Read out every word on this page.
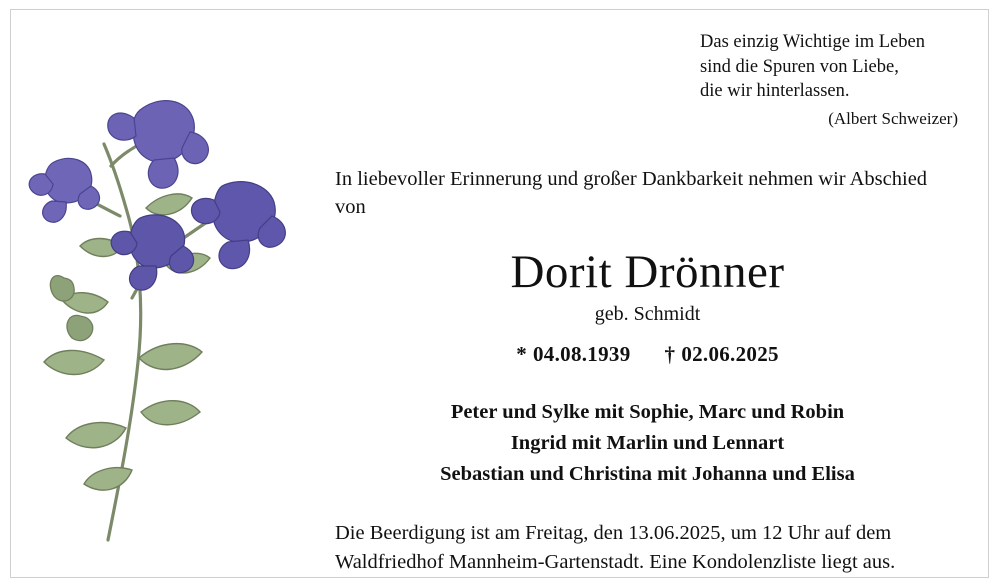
Das einzig Wichtige im Leben
sind die Spuren von Liebe,
die wir hinterlassen.
(Albert Schweizer)
In liebevoller Erinnerung und großer Dankbarkeit nehmen wir Abschied von
Dorit Drönner
geb. Schmidt
* 04.08.1939 † 02.06.2025
Peter und Sylke mit Sophie, Marc und Robin
Ingrid mit Marlin und Lennart
Sebastian und Christina mit Johanna und Elisa
Die Beerdigung ist am Freitag, den 13.06.2025, um 12 Uhr auf dem Waldfriedhof Mannheim-Gartenstadt. Eine Kondolenzliste liegt aus.
